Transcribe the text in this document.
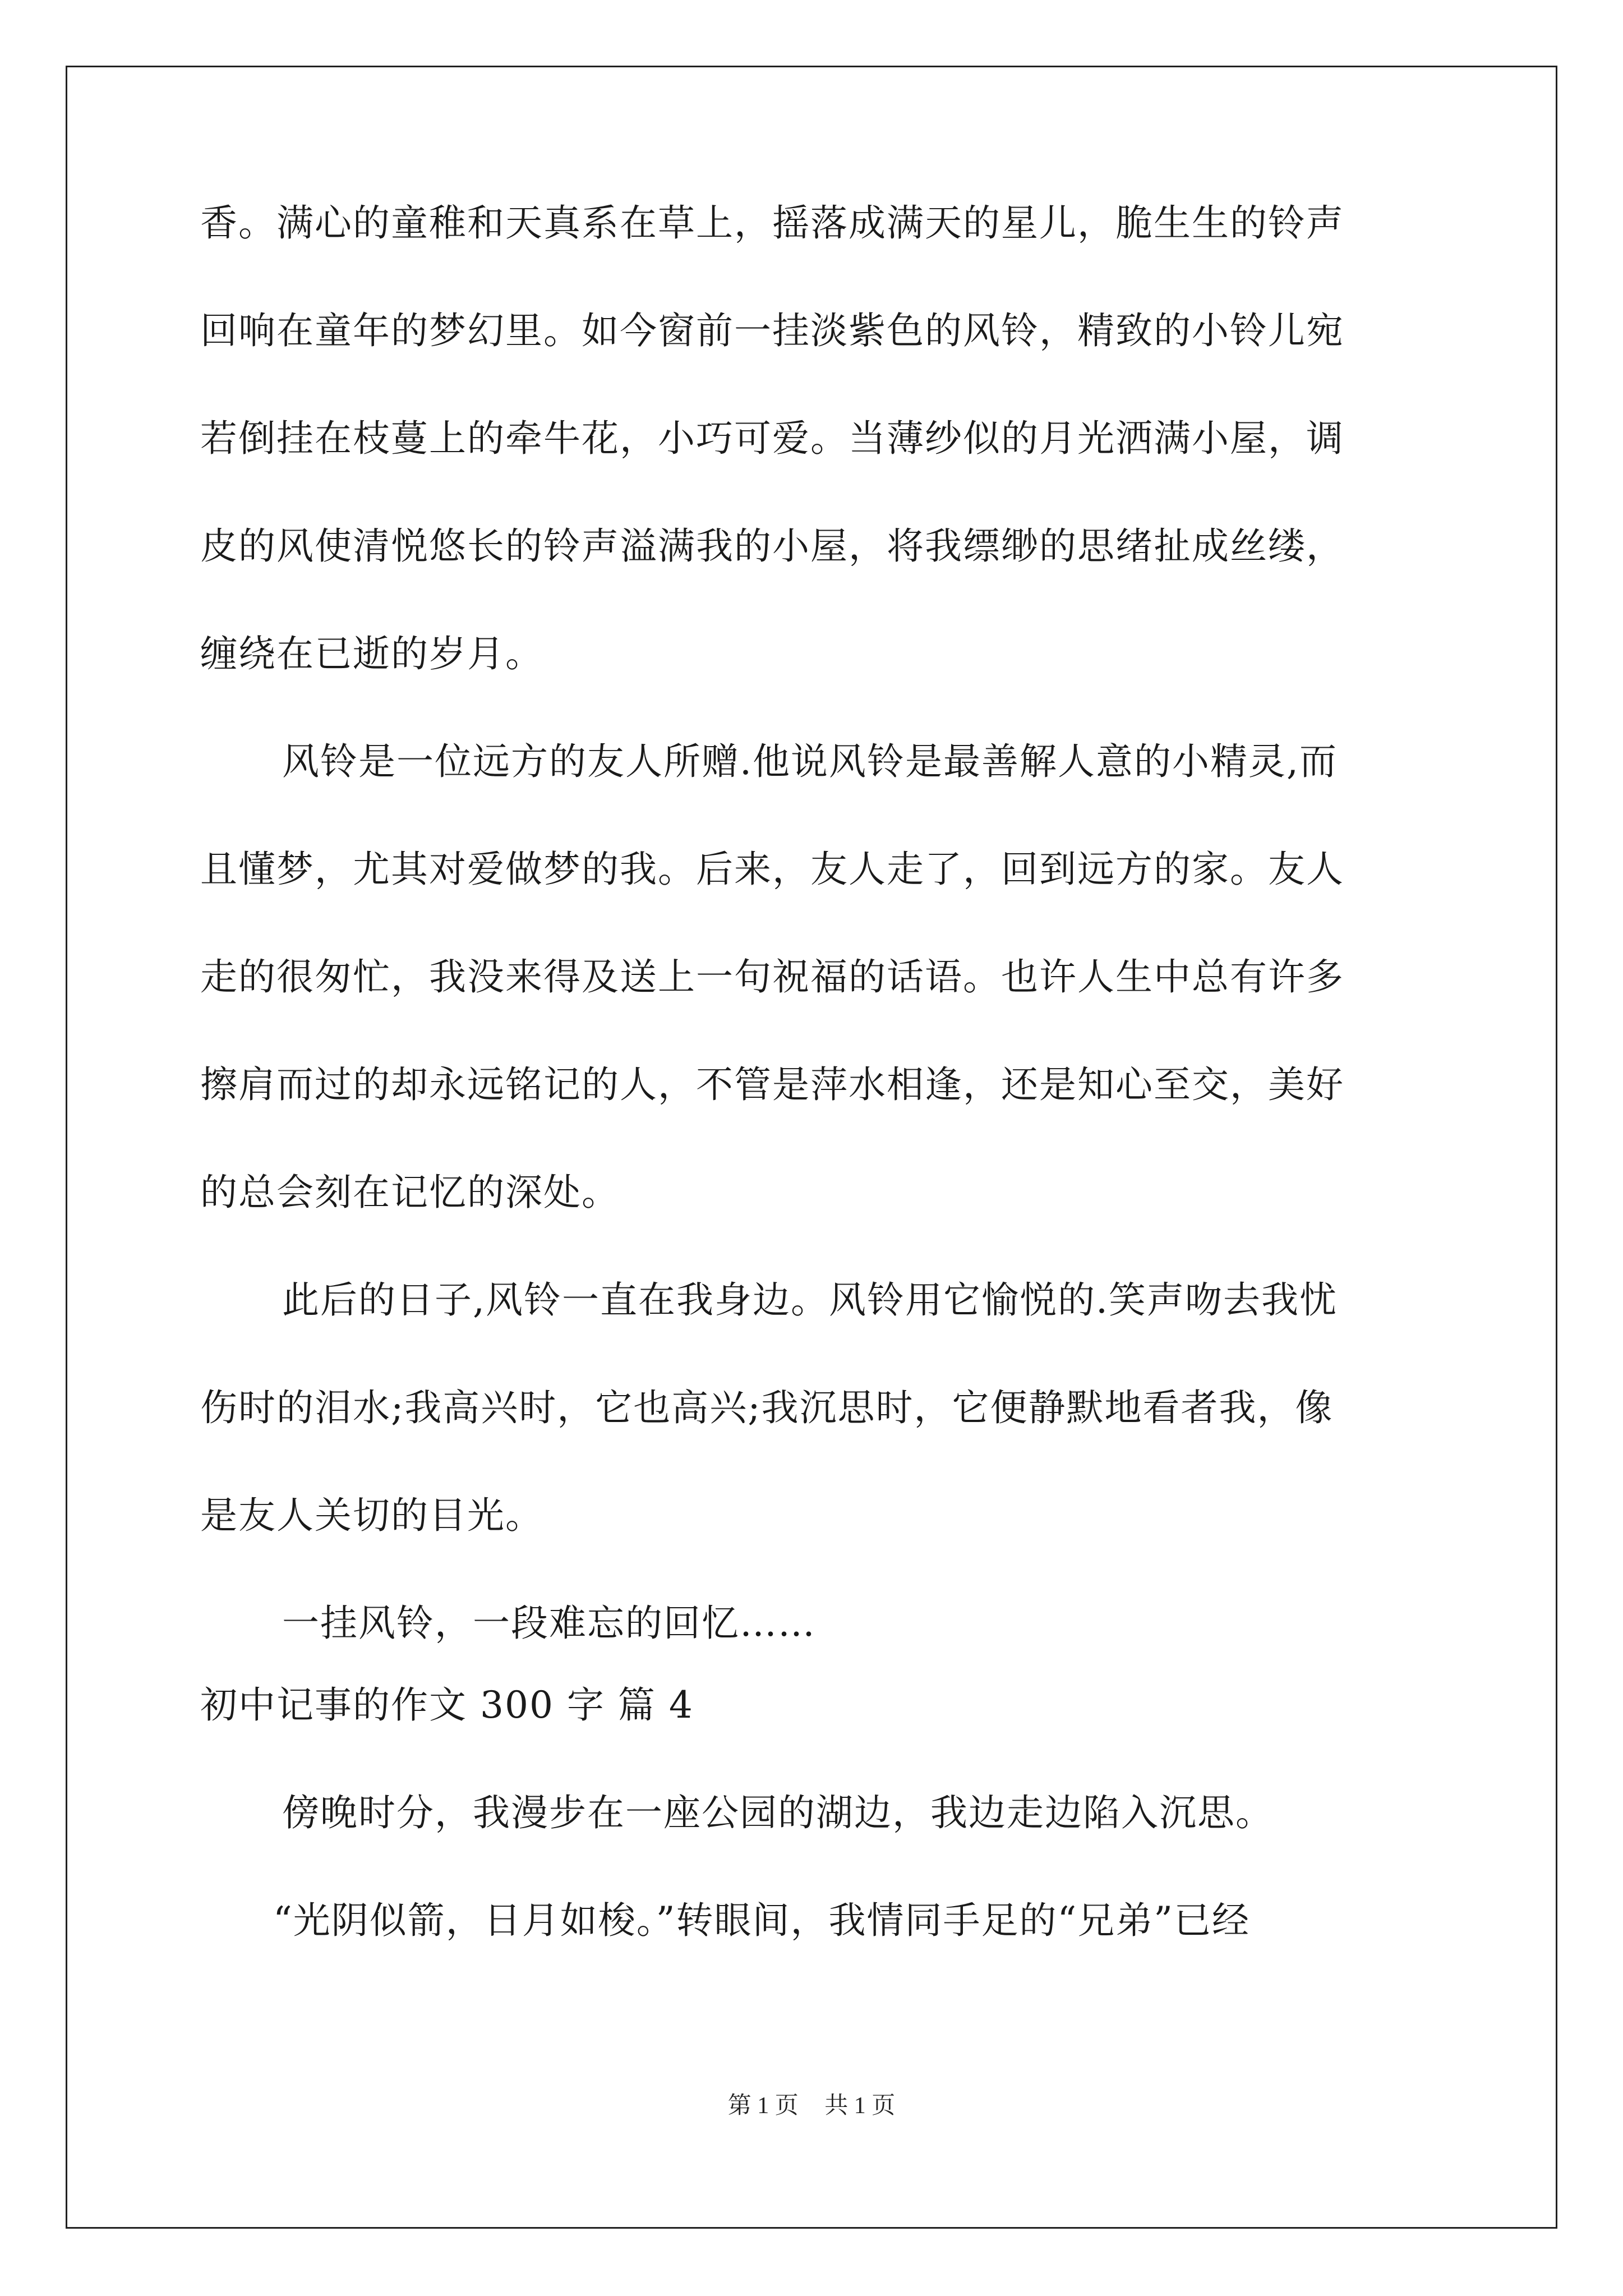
香。满心的童稚和天真系在草上，摇落成满天的星儿，脆生生的铃声

回响在童年的梦幻里。如今窗前一挂淡紫色的风铃，精致的小铃儿宛

若倒挂在枝蔓上的牵牛花，小巧可爱。当薄纱似的月光洒满小屋，调

皮的风使清悦悠长的铃声溢满我的小屋，将我缥缈的思绪扯成丝缕，

缠绕在已逝的岁月。

风铃是一位远方的友人所赠.他说风铃是最善解人意的小精灵,而

且懂梦，尤其对爱做梦的我。后来，友人走了，回到远方的家。友人

走的很匆忙，我没来得及送上一句祝福的话语。也许人生中总有许多

擦肩而过的却永远铭记的人，不管是萍水相逢，还是知心至交，美好

的总会刻在记忆的深处。

此后的日子,风铃一直在我身边。风铃用它愉悦的.笑声吻去我忧

伤时的泪水;我高兴时，它也高兴;我沉思时，它便静默地看者我，像

是友人关切的目光。

一挂风铃，一段难忘的回忆……

初中记事的作文 300 字 篇 4

傍晚时分，我漫步在一座公园的湖边，我边走边陷入沉思。

“光阴似箭，日月如梭。”转眼间，我情同手足的“兄弟”已经

第 1 页 共 1 页
